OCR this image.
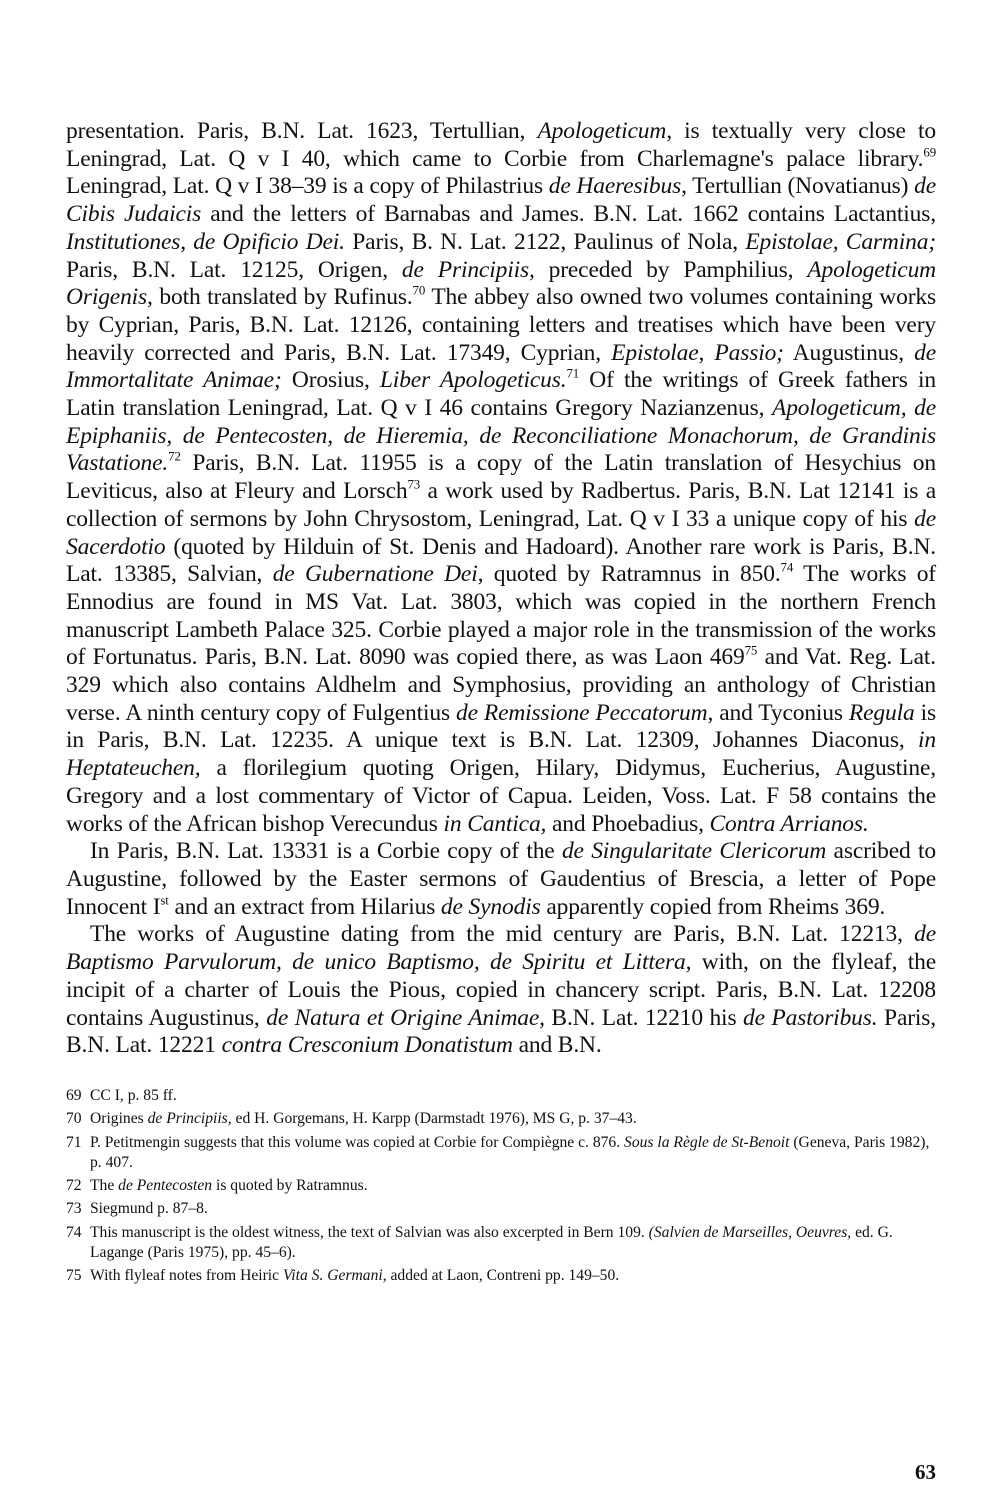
presentation. Paris, B.N. Lat. 1623, Tertullian, Apologeticum, is textually very close to Leningrad, Lat. Q v I 40, which came to Corbie from Charlemagne's palace library.$^{69}$ Leningrad, Lat. Q v I 38–39 is a copy of Philastrius de Haeresibus, Tertullian (Novatianus) de Cibis Judaicis and the letters of Barnabas and James. B.N. Lat. 1662 contains Lactantius, Institutiones, de Opificio Dei. Paris, B. N. Lat. 2122, Paulinus of Nola, Epistolae, Carmina; Paris, B.N. Lat. 12125, Origen, de Principiis, preceded by Pamphilius, Apologeticum Origenis, both translated by Rufinus.$^{70}$ The abbey also owned two volumes containing works by Cyprian, Paris, B.N. Lat. 12126, containing letters and treatises which have been very heavily corrected and Paris, B.N. Lat. 17349, Cyprian, Epistolae, Passio; Augustinus, de Immortalitate Animae; Orosius, Liber Apologeticus.$^{71}$ Of the writings of Greek fathers in Latin translation Leningrad, Lat. Q v I 46 contains Gregory Nazianzenus, Apologeticum, de Epiphaniis, de Pentecosten, de Hieremia, de Reconciliatione Monachorum, de Grandinis Vastatione.$^{72}$ Paris, B.N. Lat. 11955 is a copy of the Latin translation of Hesychius on Leviticus, also at Fleury and Lorsch$^{73}$ a work used by Radbertus. Paris, B.N. Lat 12141 is a collection of sermons by John Chrysostom, Leningrad, Lat. Q v I 33 a unique copy of his de Sacerdotio (quoted by Hilduin of St. Denis and Hadoard). Another rare work is Paris, B.N. Lat. 13385, Salvian, de Gubernatione Dei, quoted by Ratramnus in 850.74 The works of Ennodius are found in MS Vat. Lat. 3803, which was copied in the northern French manuscript Lambeth Palace 325. Corbie played a major role in the transmission of the works of Fortunatus. Paris, B.N. Lat. 8090 was copied there, as was Laon $469^{75}$ and Vat. Reg. Lat. 329 which also contains Aldhelm and Symphosius, providing an anthology of Christian verse. A ninth century copy of Fulgentius de Remissione Peccatorum, and Tyconius Regula is in Paris, B.N. Lat. 12235. A unique text is B.N. Lat. 12309, Johannes Diaconus, in Heptateuchen, a florilegium quoting Origen, Hilary, Didymus, Eucherius, Augustine, Gregory and a lost commentary of Victor of Capua. Leiden, Voss. Lat. F 58 contains the works of the African bishop Verecundus in Cantica, and Phoebadius, Contra Arrianos.

In Paris, B.N. Lat. 13331 is a Corbie copy of the de Singularitate Clericorum ascribed to Augustine, followed by the Easter sermons of Gaudentius of Brescia, a letter of Pope Innocent Ist and an extract from Hilarius de Synodis apparently copied from Rheims 369.

The works of Augustine dating from the mid century are Paris, B.N. Lat. 12213, de Baptismo Parvulorum, de unico Baptismo, de Spiritu et Littera, with, on the flyleaf, the incipit of a charter of Louis the Pious, copied in chancery script. Paris, B.N. Lat. 12208 contains Augustinus, de Natura et Origine Animae, B.N. Lat. 12210 his de Pastoribus. Paris, B.N. Lat. 12221 contra Cresconium Donatistum and B.N.

69 CC I, p. 85 ff.
70 Origines de Principiis, ed H. Gorgemans, H. Karpp (Darmstadt 1976), MS G, p. 37–43.
71 P. Petitmengin suggests that this volume was copied at Corbie for Compiègne c. 876. Sous la Règle de St-Benoit (Geneva, Paris 1982), p. 407.
72 The de Pentecosten is quoted by Ratramnus.
73 Siegmund p. 87–8.
74 This manuscript is the oldest witness, the text of Salvian was also excerpted in Bern 109. (Salvien de Marseilles, Oeuvres, ed. G. Lagange (Paris 1975), pp. 45–6).
75 With flyleaf notes from Heiric Vita S. Germani, added at Laon, Contreni pp. 149–50.
63
